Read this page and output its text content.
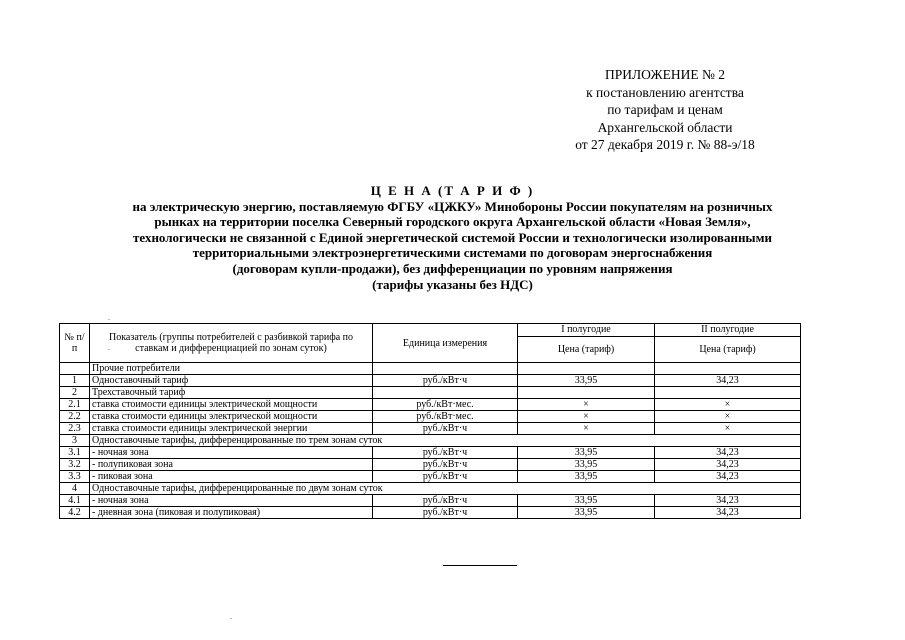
ПРИЛОЖЕНИЕ № 2
к постановлению агентства
по тарифам и ценам
Архангельской области
от 27 декабря 2019 г. № 88-э/18
Ц Е Н А (Т А Р И Ф )
на электрическую энергию, поставляемую ФГБУ «ЦЖКУ» Минобороны России покупателям на розничных
рынках на территории поселка Северный городского округа Архангельской области «Новая Земля»,
технологически не связанной с Единой энергетической системой России и технологически изолированными
территориальными электроэнергетическими системами по договорам энергоснабжения
(договорам купли-продажи), без дифференциации по уровням напряжения
(тарифы указаны без НДС)
№ п/п	Показатель (группы потребителей с разбивкой тарифа по ставкам и дифференциацией по зонам суток)	Единица измерения	I полугодие	II полугодие
			Цена (тариф)	Цена (тариф)
	Прочие потребители			
1	Одноставочный тариф	руб./кВт·ч	33,95	34,23
2	Трехставочный тариф			
2.1	ставка стоимости единицы электрической мощности	руб./кВт·мес.	×	×
2.2	ставка стоимости единицы электрической мощности	руб./кВт·мес.	×	×
2.3	ставка стоимости единицы электрической энергии	руб./кВт·ч	×	×
3	Одноставочные тарифы, дифференцированные по трем зонам суток			
3.1	- ночная зона	руб./кВт·ч	33,95	34,23
3.2	- полупиковая зона	руб./кВт·ч	33,95	34,23
3.3	- пиковая зона	руб./кВт·ч	33,95	34,23
4	Одноставочные тарифы, дифференцированные по двум зонам суток			
4.1	- ночная зона	руб./кВт·ч	33,95	34,23
4.2	- дневная зона (пиковая и полупиковая)	руб./кВт·ч	33,95	34,23
.
.
.
